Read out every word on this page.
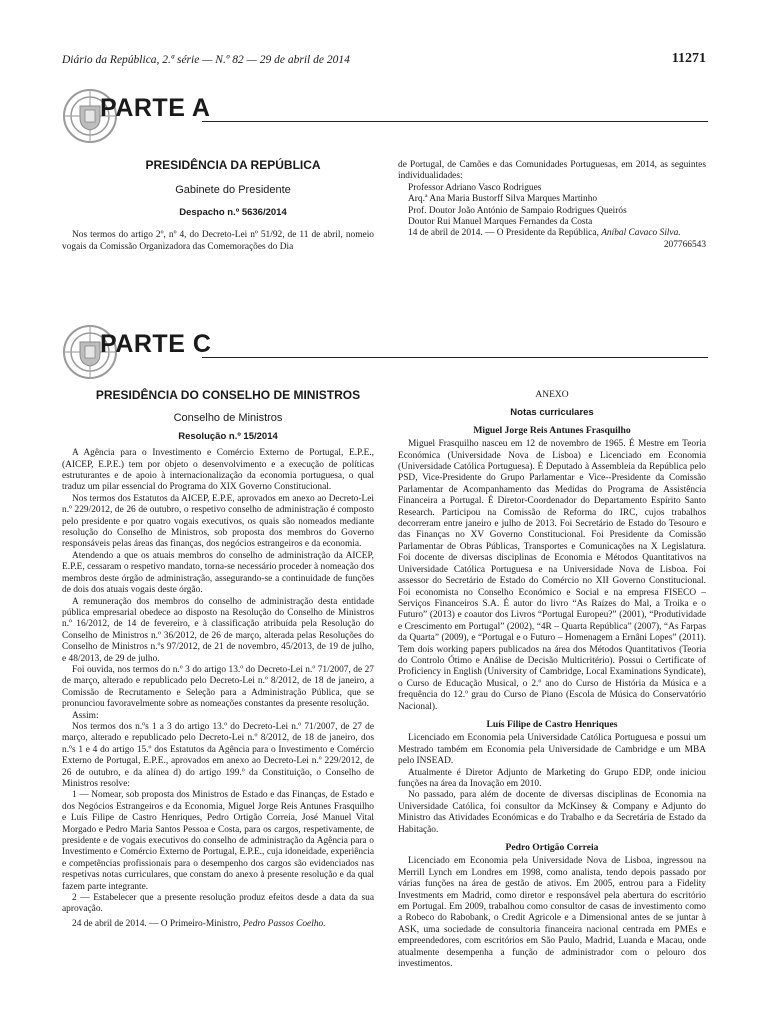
Diário da República, 2.ª série — N.º 82 — 29 de abril de 2014	11271
PARTE A
PRESIDÊNCIA DA REPÚBLICA
Gabinete do Presidente
Despacho n.º 5636/2014

Nos termos do artigo 2º, nº 4, do Decreto-Lei nº 51/92, de 11 de abril, nomeio vogais da Comissão Organizadora das Comemorações do Dia

de Portugal, de Camões e das Comunidades Portuguesas, em 2014, as seguintes individualidades:

Professor Adriano Vasco Rodrigues
Arq.ª Ana Maria Bustorff Silva Marques Martinho
Prof. Doutor João António de Sampaio Rodrigues Queirós
Doutor Rui Manuel Marques Fernandes da Costa

14 de abril de 2014. — O Presidente da República, Aníbal Cavaco Silva.

207766543
PARTE C
PRESIDÊNCIA DO CONSELHO DE MINISTROS
Conselho de Ministros
Resolução n.º 15/2014

A Agência para o Investimento e Comércio Externo de Portugal, E.P.E., (AICEP, E.P.E.) tem por objeto o desenvolvimento e a execução de políticas estruturantes e de apoio à internacionalização da economia portuguesa, o qual traduz um pilar essencial do Programa do XIX Governo Constitucional.

Nos termos dos Estatutos da AICEP, E.P.E, aprovados em anexo ao Decreto-Lei n.º 229/2012, de 26 de outubro, o respetivo conselho de administração é composto pelo presidente e por quatro vogais executivos, os quais são nomeados mediante resolução do Conselho de Ministros, sob proposta dos membros do Governo responsáveis pelas áreas das finanças, dos negócios estrangeiros e da economia.

Atendendo a que os atuais membros do conselho de administração da AICEP, E.P.E, cessaram o respetivo mandato, torna-se necessário proceder à nomeação dos membros deste órgão de administração, assegurando-se a continuidade de funções de dois dos atuais vogais deste órgão.

A remuneração dos membros do conselho de administração desta entidade pública empresarial obedece ao disposto na Resolução do Conselho de Ministros n.º 16/2012, de 14 de fevereiro, e à classificação atribuída pela Resolução do Conselho de Ministros n.º 36/2012, de 26 de março, alterada pelas Resoluções do Conselho de Ministros n.ºs 97/2012, de 21 de novembro, 45/2013, de 19 de julho, e 48/2013, de 29 de julho.

Foi ouvida, nos termos do n.º 3 do artigo 13.º do Decreto-Lei n.º 71/2007, de 27 de março, alterado e republicado pelo Decreto-Lei n.º 8/2012, de 18 de janeiro, a Comissão de Recrutamento e Seleção para a Administração Pública, que se pronunciou favoravelmente sobre as nomeações constantes da presente resolução.

Assim:

Nos termos dos n.ºs 1 a 3 do artigo 13.º do Decreto-Lei n.º 71/2007, de 27 de março, alterado e republicado pelo Decreto-Lei n.º 8/2012, de 18 de janeiro, dos n.ºs 1 e 4 do artigo 15.º dos Estatutos da Agência para o Investimento e Comércio Externo de Portugal, E.P.E., aprovados em anexo ao Decreto-Lei n.º 229/2012, de 26 de outubro, e da alínea d) do artigo 199.º da Constituição, o Conselho de Ministros resolve:

1 — Nomear, sob proposta dos Ministros de Estado e das Finanças, de Estado e dos Negócios Estrangeiros e da Economia, Miguel Jorge Reis Antunes Frasquilho e Luís Filipe de Castro Henriques, Pedro Ortigão Correia, José Manuel Vital Morgado e Pedro Maria Santos Pessoa e Costa, para os cargos, respetivamente, de presidente e de vogais executivos do conselho de administração da Agência para o Investimento e Comércio Externo de Portugal, E.P.E., cuja idoneidade, experiência e competências profissionais para o desempenho dos cargos são evidenciados nas respetivas notas curriculares, que constam do anexo à presente resolução e da qual fazem parte integrante.

2 — Estabelecer que a presente resolução produz efeitos desde a data da sua aprovação.

24 de abril de 2014. — O Primeiro-Ministro, Pedro Passos Coelho.

ANEXO
Notas curriculares
Miguel Jorge Reis Antunes Frasquilho

Miguel Frasquilho nasceu em 12 de novembro de 1965. É Mestre em Teoria Económica (Universidade Nova de Lisboa) e Licenciado em Economia (Universidade Católica Portuguesa). É Deputado à Assembleia da República pelo PSD, Vice-Presidente do Grupo Parlamentar e Vice--Presidente da Comissão Parlamentar de Acompanhamento das Medidas do Programa de Assistência Financeira a Portugal. É Diretor-Coordenador do Departamento Espírito Santo Research. Participou na Comissão de Reforma do IRC, cujos trabalhos decorreram entre janeiro e julho de 2013. Foi Secretário de Estado do Tesouro e das Finanças no XV Governo Constitucional. Foi Presidente da Comissão Parlamentar de Obras Públicas, Transportes e Comunicações na X Legislatura. Foi docente de diversas disciplinas de Economia e Métodos Quantitativos na Universidade Católica Portuguesa e na Universidade Nova de Lisboa. Foi assessor do Secretário de Estado do Comércio no XII Governo Constitucional. Foi economista no Conselho Económico e Social e na empresa FISECO – Serviços Financeiros S.A. É autor do livro “As Raízes do Mal, a Troika e o Futuro” (2013) e coautor dos Livros “Portugal Europeu?” (2001), “Produtividade e Crescimento em Portugal” (2002), “4R – Quarta República” (2007), “As Farpas da Quarta” (2009), e “Portugal e o Futuro – Homenagem a Ernâni Lopes” (2011). Tem dois working papers publicados na área dos Métodos Quantitativos (Teoria do Controlo Ótimo e Análise de Decisão Multicritério). Possui o Certificate of Proficiency in English (University of Cambridge, Local Examinations Syndicate), o Curso de Educação Musical, o 2.º ano do Curso de História da Música e a frequência do 12.º grau do Curso de Piano (Escola de Música do Conservatório Nacional).

Luís Filipe de Castro Henriques

Licenciado em Economia pela Universidade Católica Portuguesa e possui um Mestrado também em Economia pela Universidade de Cambridge e um MBA pelo INSEAD.

Atualmente é Diretor Adjunto de Marketing do Grupo EDP, onde iniciou funções na área da Inovação em 2010.

No passado, para além de docente de diversas disciplinas de Economia na Universidade Católica, foi consultor da McKinsey & Company e Adjunto do Ministro das Atividades Económicas e do Trabalho e da Secretária de Estado da Habitação.

Pedro Ortigão Correia

Licenciado em Economia pela Universidade Nova de Lisboa, ingressou na Merrill Lynch em Londres em 1998, como analista, tendo depois passado por várias funções na área de gestão de ativos. Em 2005, entrou para a Fidelity Investments em Madrid, como diretor e responsável pela abertura do escritório em Portugal. Em 2009, trabalhou como consultor de casas de investimento como a Robeco do Rabobank, o Credit Agricole e a Dimensional antes de se juntar à ASK, uma sociedade de consultoria financeira nacional centrada em PMEs e empreendedores, com escritórios em São Paulo, Madrid, Luanda e Macau, onde atualmente desempenha a função de administrador com o pelouro dos investimentos.
